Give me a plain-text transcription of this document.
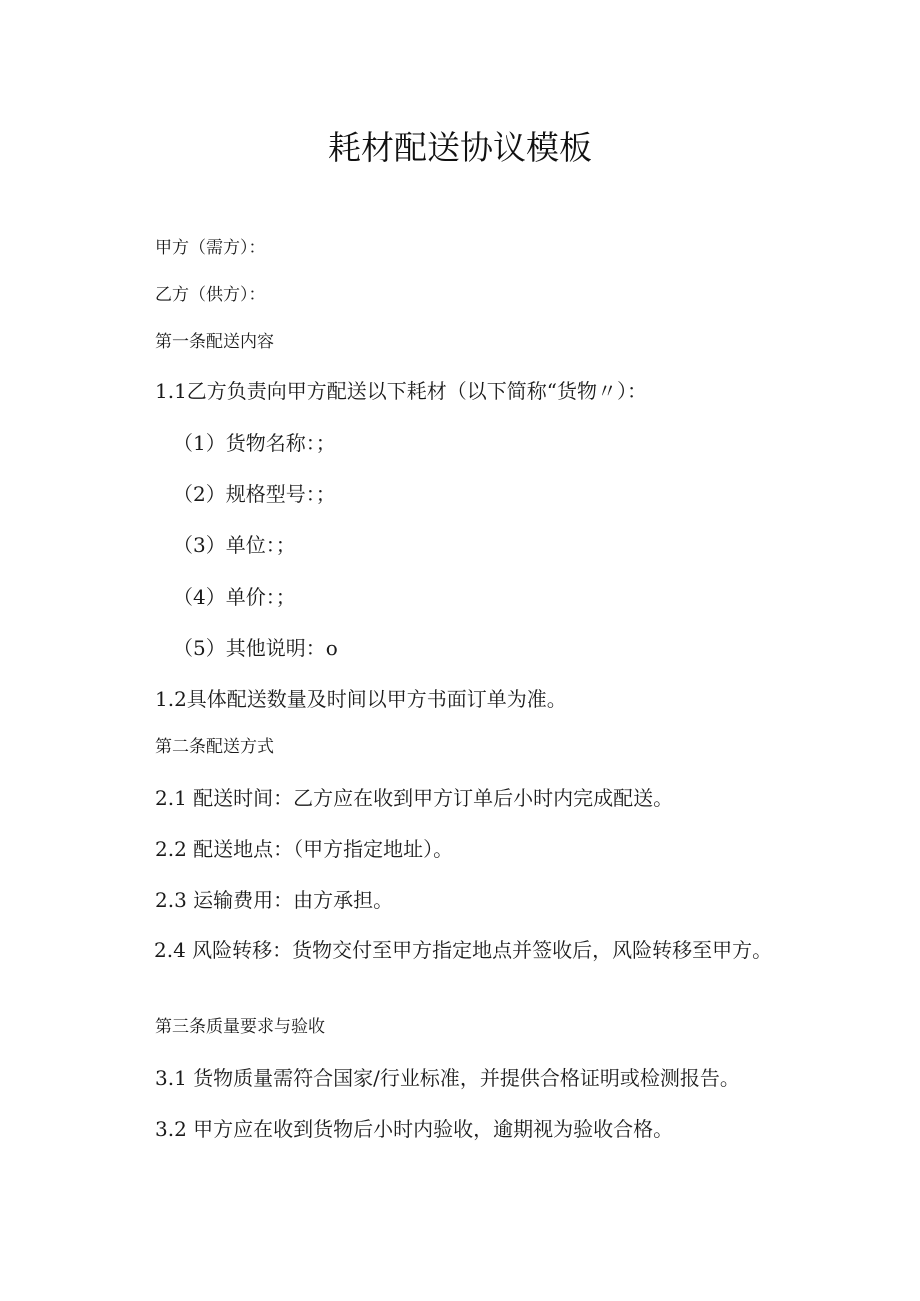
耗材配送协议模板
甲方（需方）：
乙方（供方）：
第一条配送内容
1.1乙方负责向甲方配送以下耗材（以下简称“货物〃）：
（1）货物名称：；
（2）规格型号：；
（3）单位：；
（4）单价：；
（5）其他说明：o
1.2具体配送数量及时间以甲方书面订单为准。
第二条配送方式
2.1 配送时间：乙方应在收到甲方订单后小时内完成配送。
2.2 配送地点：（甲方指定地址）。
2.3 运输费用：由方承担。
2.4 风险转移：货物交付至甲方指定地点并签收后，风险转移至甲方。
第三条质量要求与验收
3.1 货物质量需符合国家/行业标准，并提供合格证明或检测报告。
3.2 甲方应在收到货物后小时内验收，逾期视为验收合格。
